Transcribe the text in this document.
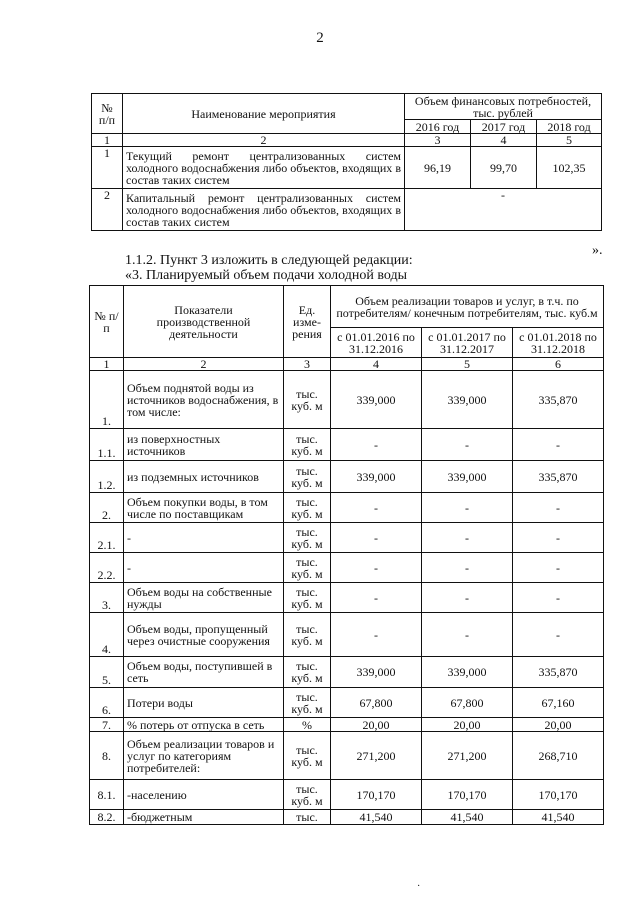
2
№ п/п	Наименование мероприятия	Объем финансовых потребностей, тыс. рублей		
		2016 год	2017 год	2018 год
1	2	3	4	5
1	Текущий ремонт централизованных систем холодного водоснабжения либо объектов, входящих в состав таких систем	96,19	99,70	102,35
2	Капитальный ремонт централизованных систем холодного водоснабжения либо объектов, входящих в состав таких систем	-		
».
1.1.2. Пункт 3 изложить в следующей редакции:
«3. Планируемый объем подачи холодной воды
№ п/п	Показатели производственной деятельности	Ед. изме-рения	Объем реализации товаров и услуг, в т.ч. по потребителям/ конечным потребителям, тыс. куб.м		
			с 01.01.2016 по 31.12.2016	с 01.01.2017 по 31.12.2017	с 01.01.2018 по 31.12.2018
1	2	3	4	5	6
1.	Объем поднятой воды из источников водоснабжения, в том числе:	тыс. куб. м	339,000	339,000	335,870
1.1.	из поверхностных источников	тыс. куб. м	-	-	-
1.2.	из подземных источников	тыс. куб. м	339,000	339,000	335,870
2.	Объем покупки воды, в том числе по поставщикам	тыс. куб. м	-	-	-
2.1.	-	тыс. куб. м	-	-	-
2.2.	-	тыс. куб. м	-	-	-
3.	Объем воды на собственные нужды	тыс. куб. м	-	-	-
4.	Объем воды, пропущенный через очистные сооружения	тыс. куб. м	-	-	-
5.	Объем воды, поступившей в сеть	тыс. куб. м	339,000	339,000	335,870
6.	Потери воды	тыс. куб. м	67,800	67,800	67,160
7.	% потерь от отпуска в сеть	%	20,00	20,00	20,00
8.	Объем реализации товаров и услуг по категориям потребителей:	тыс. куб. м	271,200	271,200	268,710
8.1.	-населению	тыс. куб. м	170,170	170,170	170,170
8.2.	-бюджетным	тыс.	41,540	41,540	41,540
·
